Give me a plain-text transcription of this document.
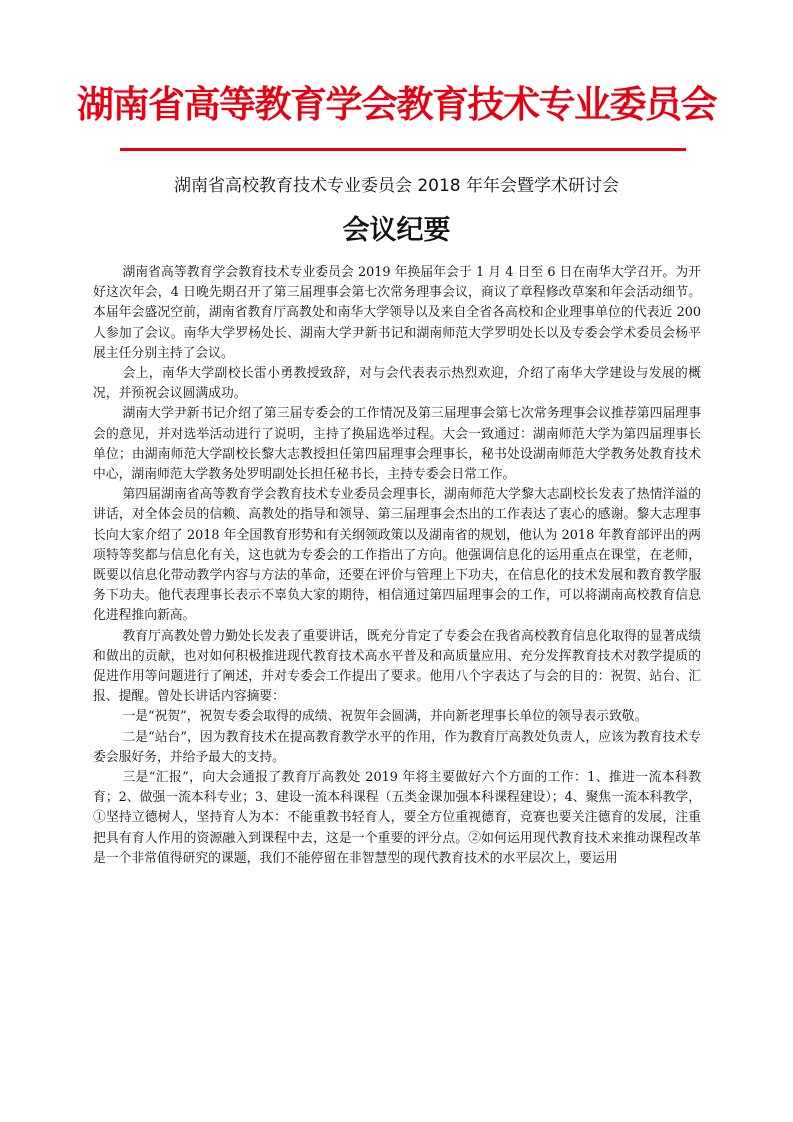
湖南省高等教育学会教育技术专业委员会
湖南省高校教育技术专业委员会 2018 年年会暨学术研讨会
会议纪要

湖南省高等教育学会教育技术专业委员会 2019 年换届年会于 1 月 4 日至 6 日在南华大学召开。为开好这次年会，4 日晚先期召开了第三届理事会第七次常务理事会议，商议了章程修改草案和年会活动细节。本届年会盛况空前，湖南省教育厅高教处和南华大学领导以及来自全省各高校和企业理事单位的代表近 200 人参加了会议。南华大学罗杨处长、湖南大学尹新书记和湖南师范大学罗明处长以及专委会学术委员会杨平展主任分别主持了会议。

会上，南华大学副校长雷小勇教授致辞，对与会代表表示热烈欢迎，介绍了南华大学建设与发展的概况，并预祝会议圆满成功。

湖南大学尹新书记介绍了第三届专委会的工作情况及第三届理事会第七次常务理事会议推荐第四届理事会的意见，并对选举活动进行了说明，主持了换届选举过程。大会一致通过：湖南师范大学为第四届理事长单位；由湖南师范大学副校长黎大志教授担任第四届理事会理事长，秘书处设湖南师范大学教务处教育技术中心，湖南师范大学教务处罗明副处长担任秘书长，主持专委会日常工作。

第四届湖南省高等教育学会教育技术专业委员会理事长，湖南师范大学黎大志副校长发表了热情洋溢的讲话，对全体会员的信赖、高教处的指导和领导、第三届理事会杰出的工作表达了衷心的感谢。黎大志理事长向大家介绍了 2018 年全国教育形势和有关纲领政策以及湖南省的规划，他认为 2018 年教育部评出的两项特等奖都与信息化有关，这也就为专委会的工作指出了方向。他强调信息化的运用重点在课堂，在老师，既要以信息化带动教学内容与方法的革命，还要在评价与管理上下功夫，在信息化的技术发展和教育教学服务下功夫。他代表理事长表示不辜负大家的期待，相信通过第四届理事会的工作，可以将湖南高校教育信息化进程推向新高。

教育厅高教处曾力勤处长发表了重要讲话，既充分肯定了专委会在我省高校教育信息化取得的显著成绩和做出的贡献，也对如何积极推进现代教育技术高水平普及和高质量应用、充分发挥教育技术对教学提质的促进作用等问题进行了阐述，并对专委会工作提出了要求。他用八个字表达了与会的目的：祝贺、站台、汇报、提醒。曾处长讲话内容摘要：

一是“祝贺”，祝贺专委会取得的成绩、祝贺年会圆满，并向新老理事长单位的领导表示致敬。

二是“站台”，因为教育技术在提高教育教学水平的作用，作为教育厅高教处负责人，应该为教育技术专委会服好务，并给予最大的支持。

三是“汇报”，向大会通报了教育厅高教处 2019 年将主要做好六个方面的工作：1、推进一流本科教育；2、做强一流本科专业；3、建设一流本科课程（五类金课加强本科课程建设）；4、聚焦一流本科教学，①坚持立德树人，坚持育人为本：不能重教书轻育人，要全方位重视德育，竞赛也要关注德育的发展，注重把具有育人作用的资源融入到课程中去，这是一个重要的评分点。②如何运用现代教育技术来推动课程改革是一个非常值得研究的课题，我们不能停留在非智慧型的现代教育技术的水平层次上，要运用
